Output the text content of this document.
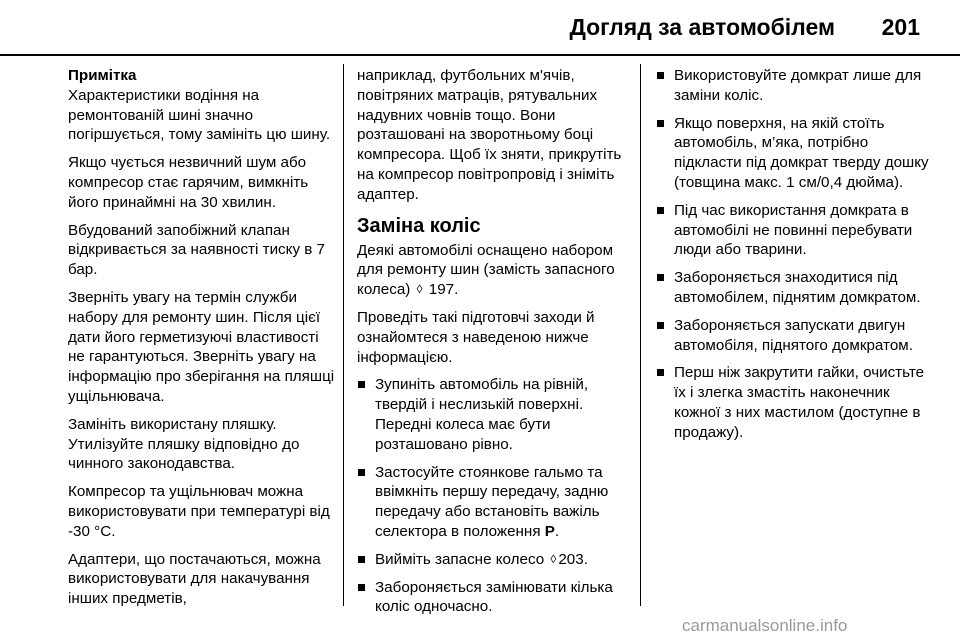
Догляд за автомобілем 201
Примітка

Характеристики водіння на ремонтованій шині значно погіршується, тому замініть цю шину.

Якщо чується незвичний шум або компресор стає гарячим, вимкніть його принаймні на 30 хвилин.

Вбудований запобіжний клапан відкривається за наявності тиску в 7 бар.

Зверніть увагу на термін служби набору для ремонту шин. Після цієї дати його герметизуючі властивості не гарантуються. Зверніть увагу на інформацію про зберігання на пляшці ущільнювача.

Замініть використану пляшку. Утилізуйте пляшку відповідно до чинного законодавства.

Компресор та ущільнювач можна використовувати при температурі від -30 °C.

Адаптери, що постачаються, можна використовувати для накачування інших предметів,

наприклад, футбольних м'ячів, повітряних матраців, рятувальних надувних човнів тощо. Вони розташовані на зворотньому боці компресора. Щоб їх зняти, прикрутіть на компресор повітропровід і зніміть адаптер.

Заміна коліс

Деякі автомобілі оснащено набором для ремонту шин (замість запасного колеса) ◊ 197.

Проведіть такі підготовчі заходи й ознайомтеся з наведеною нижче інформацією.

Зупиніть автомобіль на рівній, твердій і неслизькій поверхні. Передні колеса має бути розташовано рівно.
Застосуйте стоянкове гальмо та ввімкніть першу передачу, задню передачу або встановіть важіль селектора в положення P.
Вийміть запасне колесо ◊ 203.
Забороняється замінювати кілька коліс одночасно.
Використовуйте домкрат лише для заміни коліс.
Якщо поверхня, на якій стоїть автомобіль, м’яка, потрібно підкласти під домкрат тверду дошку (товщина макс. 1 см/0,4 дюйма).
Під час використання домкрата в автомобілі не повинні перебувати люди або тварини.
Забороняється знаходитися під автомобілем, піднятим домкратом.
Забороняється запускати двигун автомобіля, піднятого домкратом.
Перш ніж закрутити гайки, очистьте їх і злегка змастіть наконечник кожної з них мастилом (доступне в продажу).
carmanualsonline.info
